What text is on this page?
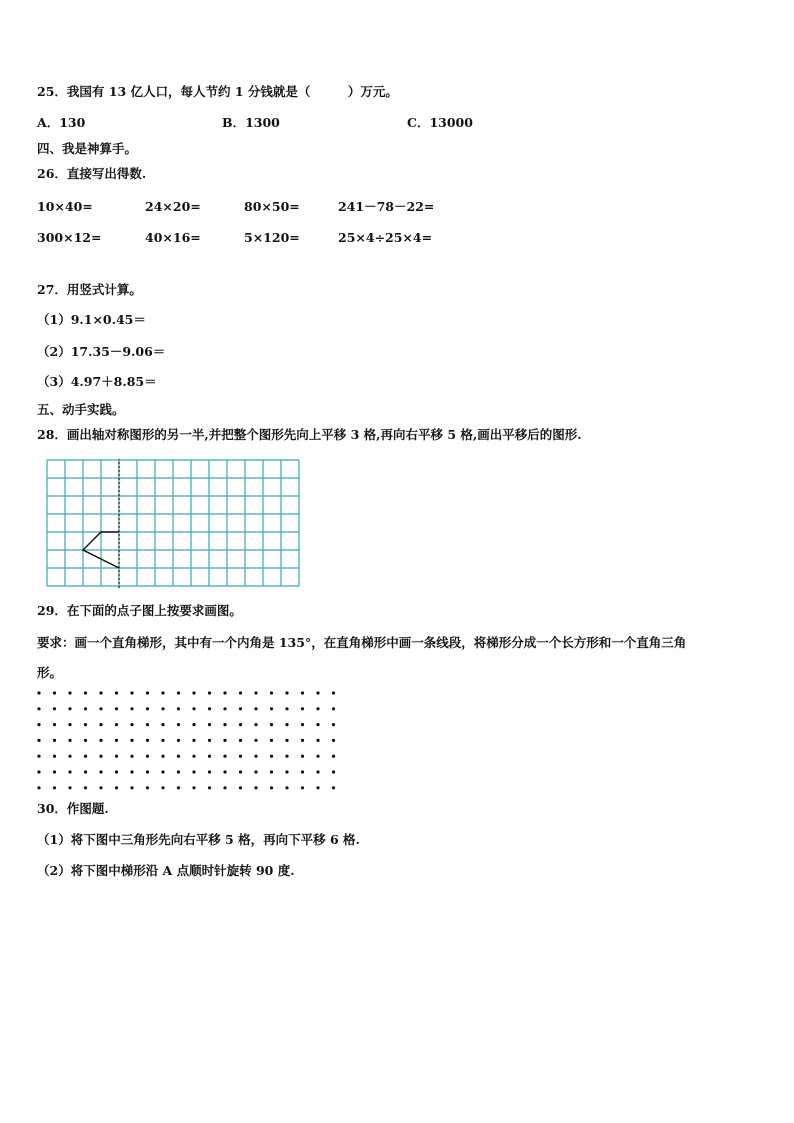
25．我国有 13 亿人口，每人节约 1 分钱就是（　　　）万元。
A．130	B．1300	C．13000
四、我是神算手。
26．直接写出得数.
10×40=	24×20=	80×50=	241－78－22=
300×12=	40×16=	5×120=	25×4÷25×4=
27．用竖式计算。
（1）9.1×0.45＝
（2）17.35－9.06＝
（3）4.97＋8.85＝
五、动手实践。
28．画出轴对称图形的另一半,并把整个图形先向上平移 3 格,再向右平移 5 格,画出平移后的图形.
29．在下面的点子图上按要求画图。
要求：画一个直角梯形，其中有一个内角是 135°，在直角梯形中画一条线段，将梯形分成一个长方形和一个直角三角
形。
30．作图题.
（1）将下图中三角形先向右平移 5 格，再向下平移 6 格.
（2）将下图中梯形沿 A 点顺时针旋转 90 度.
